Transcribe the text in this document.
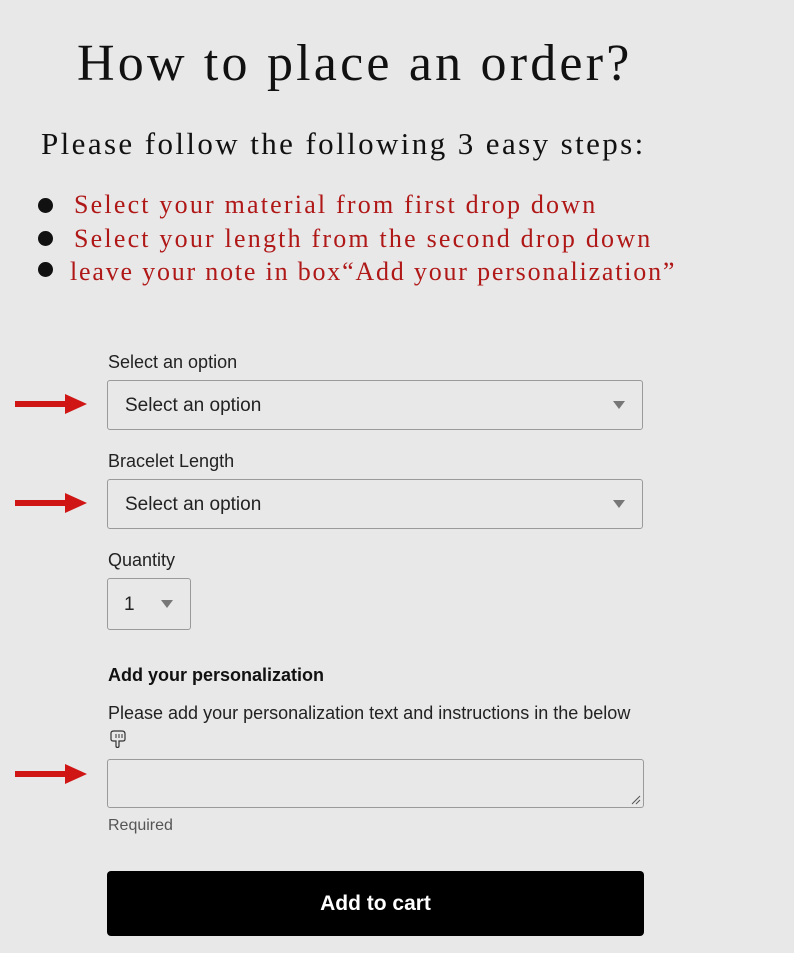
How to place an order?
Please follow the following 3 easy steps:
Select your material from first drop down
Select your length from the second drop down
leave your note in box“Add your personalization”
Select an option
Select an option
Bracelet Length
Select an option
Quantity
1
Add your personalization
Please add your personalization text and instructions in the below
Required
Add to cart
